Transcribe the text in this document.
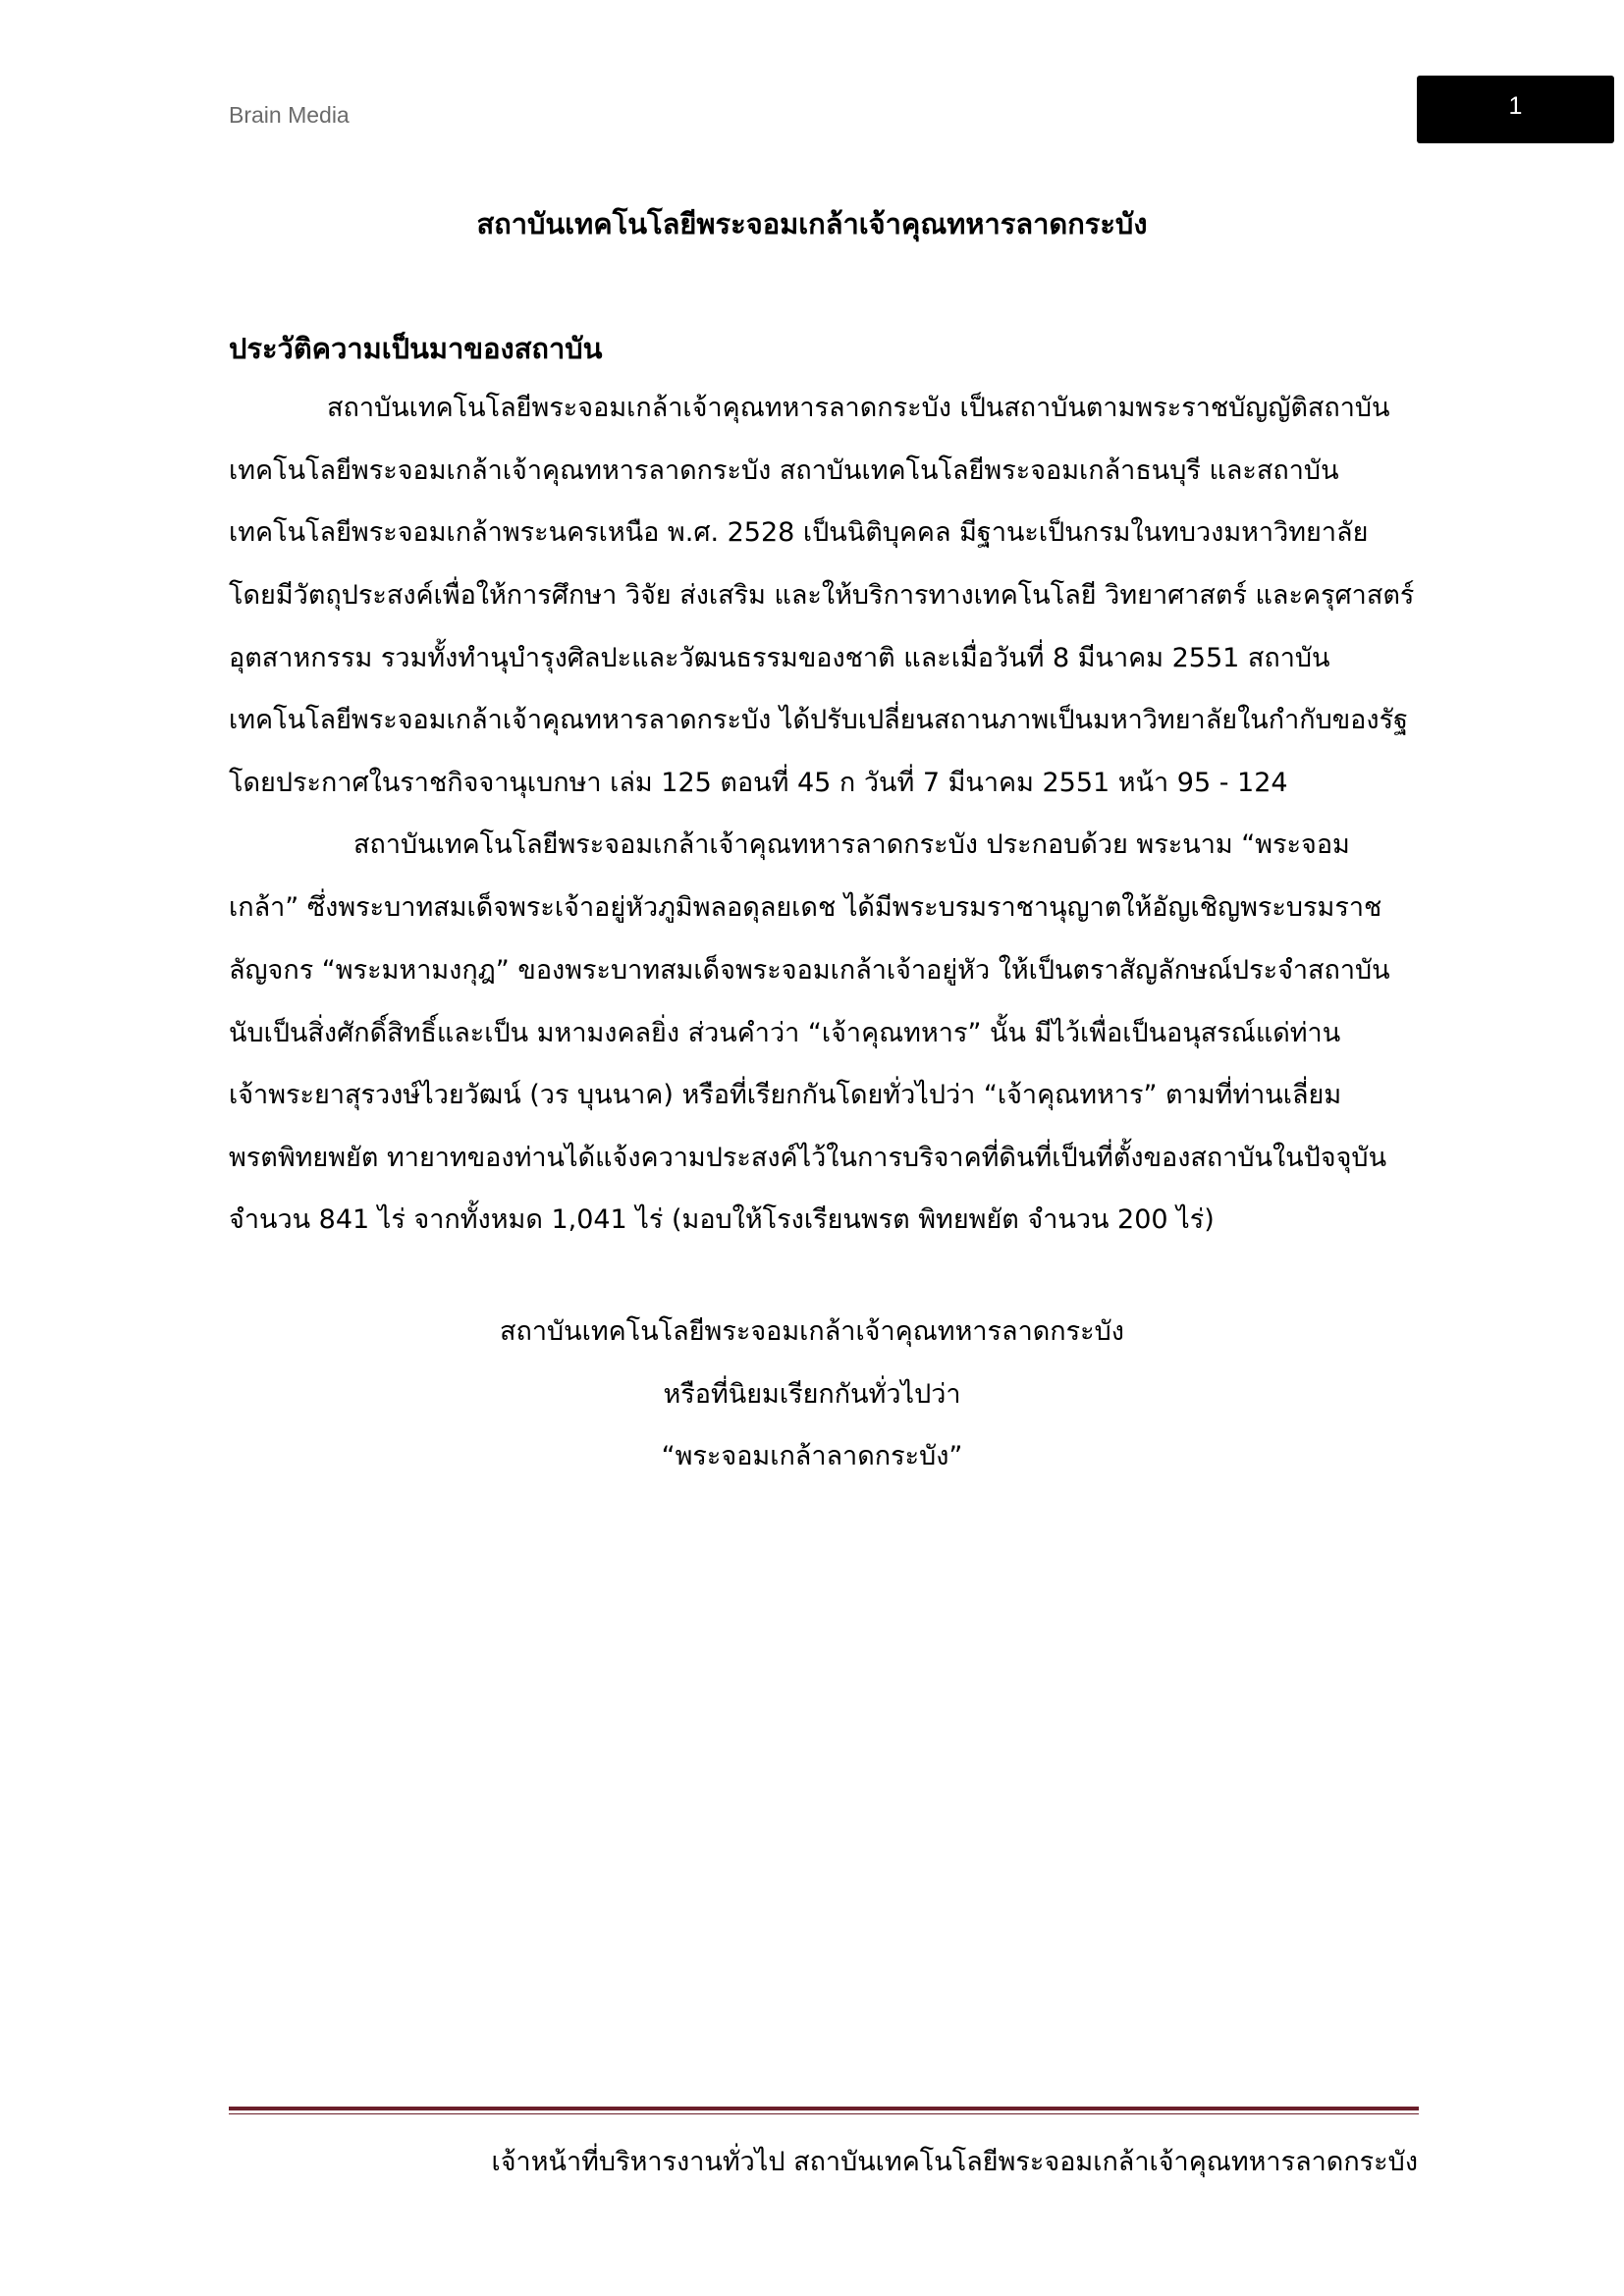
Brain Media	1
สถาบันเทคโนโลยีพระจอมเกล้าเจ้าคุณทหารลาดกระบัง
ประวัติความเป็นมาของสถาบัน
สถาบันเทคโนโลยีพระจอมเกล้าเจ้าคุณทหารลาดกระบัง เป็นสถาบันตามพระราชบัญญัติสถาบัน
เทคโนโลยีพระจอมเกล้าเจ้าคุณทหารลาดกระบัง สถาบันเทคโนโลยีพระจอมเกล้าธนบุรี และสถาบัน
เทคโนโลยีพระจอมเกล้าพระนครเหนือ พ.ศ. 2528 เป็นนิติบุคคล มีฐานะเป็นกรมในทบวงมหาวิทยาลัย
โดยมีวัตถุประสงค์เพื่อให้การศึกษา วิจัย ส่งเสริม และให้บริการทางเทคโนโลยี วิทยาศาสตร์ และครุศาสตร์
อุตสาหกรรม รวมทั้งทำนุบำรุงศิลปะและวัฒนธรรมของชาติ และเมื่อวันที่ 8 มีนาคม 2551 สถาบัน
เทคโนโลยีพระจอมเกล้าเจ้าคุณทหารลาดกระบัง ได้ปรับเปลี่ยนสถานภาพเป็นมหาวิทยาลัยในกำกับของรัฐ
โดยประกาศในราชกิจจานุเบกษา เล่ม 125 ตอนที่ 45 ก วันที่ 7 มีนาคม 2551 หน้า 95 - 124
สถาบันเทคโนโลยีพระจอมเกล้าเจ้าคุณทหารลาดกระบัง ประกอบด้วย พระนาม “พระจอม
เกล้า” ซึ่งพระบาทสมเด็จพระเจ้าอยู่หัวภูมิพลอดุลยเดช ได้มีพระบรมราชานุญาตให้อัญเชิญพระบรมราช
ลัญจกร “พระมหามงกุฎ” ของพระบาทสมเด็จพระจอมเกล้าเจ้าอยู่หัว ให้เป็นตราสัญลักษณ์ประจำสถาบัน
นับเป็นสิ่งศักดิ์สิทธิ์และเป็น มหามงคลยิ่ง ส่วนคำว่า “เจ้าคุณทหาร” นั้น มีไว้เพื่อเป็นอนุสรณ์แด่ท่าน
เจ้าพระยาสุรวงษ์ไวยวัฒน์ (วร บุนนาค) หรือที่เรียกกันโดยทั่วไปว่า “เจ้าคุณทหาร” ตามที่ท่านเลี่ยม
พรตพิทยพยัต ทายาทของท่านได้แจ้งความประสงค์ไว้ในการบริจาคที่ดินที่เป็นที่ตั้งของสถาบันในปัจจุบัน
จำนวน 841 ไร่ จากทั้งหมด 1,041 ไร่ (มอบให้โรงเรียนพรต พิทยพยัต จำนวน 200 ไร่)
สถาบันเทคโนโลยีพระจอมเกล้าเจ้าคุณทหารลาดกระบัง
หรือที่นิยมเรียกกันทั่วไปว่า
“พระจอมเกล้าลาดกระบัง”
เจ้าหน้าที่บริหารงานทั่วไป สถาบันเทคโนโลยีพระจอมเกล้าเจ้าคุณทหารลาดกระบัง
